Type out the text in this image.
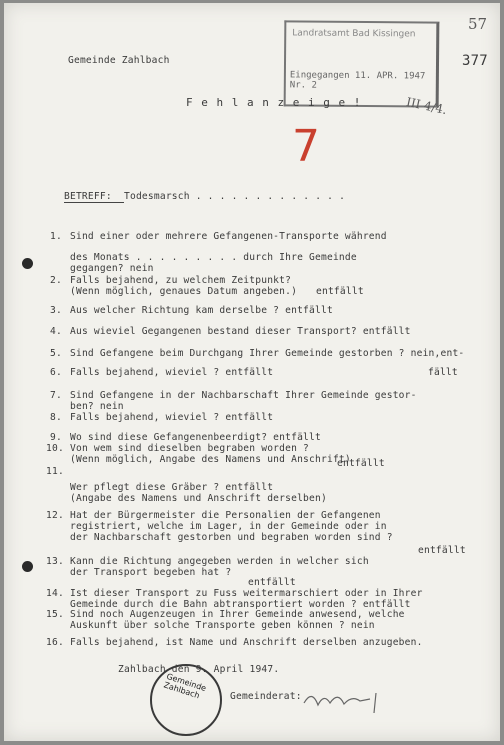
Gemeinde Zahlbach	377
57
Landratsamt Bad Kissingen
Eingegangen 11. APR. 1947 Nr. 2
III 4/4.
F e h l a n z e i g e !
7
BETREFF: Todesmarsch . . . . . . . . . . . . .
1. Sind einer oder mehrere Gefangenen-Transporte während
des Monats . . . . . . . . . durch Ihre Gemeinde
gegangen? nein
2. Falls bejahend, zu welchem Zeitpunkt?
(Wenn möglich, genaues Datum angeben.)
3. Aus welcher Richtung kam derselbe ? entfällt
4. Aus wieviel Gegangenen bestand dieser Transport? entfällt
5. Sind Gefangene beim Durchgang Ihrer Gemeinde gestorben ? nein,ent-
6. Falls bejahend, wieviel ? entfällt
7. Sind Gefangene in der Nachbarschaft Ihrer Gemeinde gestor-
ben? nein
8. Falls bejahend, wieviel ? entfällt
9. Wo sind diese Gefangenenbeerdigt? entfällt
10. Von wem sind dieselben begraben worden ?
(Wenn möglich, Angabe des Namens und Anschrift)
11.
Wer pflegt diese Gräber ? entfällt
(Angabe des Namens und Anschrift derselben)
12. Hat der Bürgermeister die Personalien der Gefangenen
registriert, welche im Lager, in der Gemeinde oder in
der Nachbarschaft gestorben und begraben worden sind ?
13. Kann die Richtung angegeben werden in welcher sich
der Transport begeben hat ?
14. Ist dieser Transport zu Fuss weitermarschiert oder in Ihrer
Gemeinde durch die Bahn abtransportiert worden ? entfällt
15. Sind noch Augenzeugen in Ihrer Gemeinde anwesend, welche
Auskunft über solche Transporte geben können ? nein
16. Falls bejahend, ist Name und Anschrift derselben anzugeben.
entfällt
fällt
entfällt
entfällt
entfällt
Zahlbach den 9. April 1947.
Gemeinde Zahlbach	Gemeinderat:
